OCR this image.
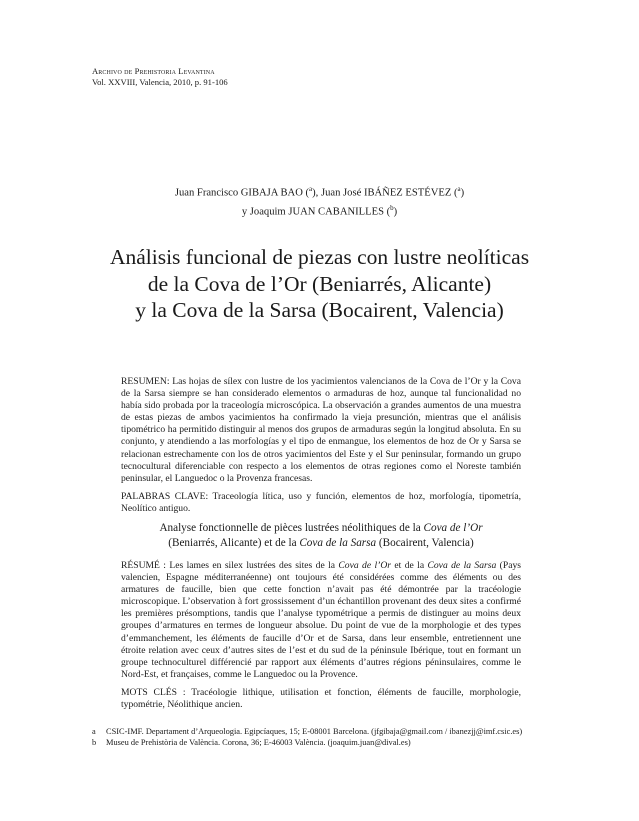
Archivo de Prehistoria Levantina
Vol. XXVIII, Valencia, 2010, p. 91-106
Juan Francisco GIBAJA BAO ($^a$), Juan José IBÁÑEZ ESTÉVEZ ($^a$)
y Joaquim JUAN CABANILLES ($^b$)
Análisis funcional de piezas con lustre neolíticas
de la Cova de l’Or (Beniarrés, Alicante)
y la Cova de la Sarsa (Bocairent, Valencia)

RESUMEN: Las hojas de sílex con lustre de los yacimientos valencianos de la Cova de l’Or y la Cova de la Sarsa siempre se han considerado elementos o armaduras de hoz, aunque tal funcionalidad no había sido probada por la traceología microscópica. La observación a grandes aumentos de una muestra de estas piezas de ambos yacimientos ha confirmado la vieja presunción, mientras que el análisis tipométrico ha permitido distinguir al menos dos grupos de armaduras según la longitud absoluta. En su conjunto, y atendiendo a las morfologías y el tipo de enmangue, los elementos de hoz de Or y Sarsa se relacionan estrechamente con los de otros yacimientos del Este y el Sur peninsular, formando un grupo tecnocultural diferenciable con respecto a los elementos de otras regiones como el Noreste también peninsular, el Languedoc o la Provenza francesas.

PALABRAS CLAVE: Traceología lítica, uso y función, elementos de hoz, morfología, tipometría, Neolítico antiguo.

Analyse fonctionnelle de pièces lustrées néolithiques de la Cova de l’Or
(Beniarrés, Alicante) et de la Cova de la Sarsa (Bocairent, Valencia)

RÉSUMÉ : Les lames en silex lustrées des sites de la Cova de l’Or et de la Cova de la Sarsa (Pays valencien, Espagne méditerranéenne) ont toujours été considérées comme des éléments ou des armatures de faucille, bien que cette fonction n’avait pas été démontrée par la tracéologie microscopique. L’observation à fort grossissement d’un échantillon provenant des deux sites a confirmé les premières présomptions, tandis que l’analyse typométrique a permis de distinguer au moins deux groupes d’armatures en termes de longueur absolue. Du point de vue de la morphologie et des types d’emmanchement, les éléments de faucille d’Or et de Sarsa, dans leur ensemble, entretiennent une étroite relation avec ceux d’autres sites de l’est et du sud de la péninsule Ibérique, tout en formant un groupe technoculturel différencié par rapport aux éléments d’autres régions péninsulaires, comme le Nord-Est, et françaises, comme le Languedoc ou la Provence.

MOTS CLÉS : Tracéologie lithique, utilisation et fonction, éléments de faucille, morphologie, typométrie, Néolithique ancien.

a	CSIC-IMF. Departament d’Arqueologia. Egipcíaques, 15; E-08001 Barcelona. (jfgibaja@gmail.com / ibanezjj@imf.csic.es)
b	Museu de Prehistòria de València. Corona, 36; E-46003 València. (joaquim.juan@dival.es)
